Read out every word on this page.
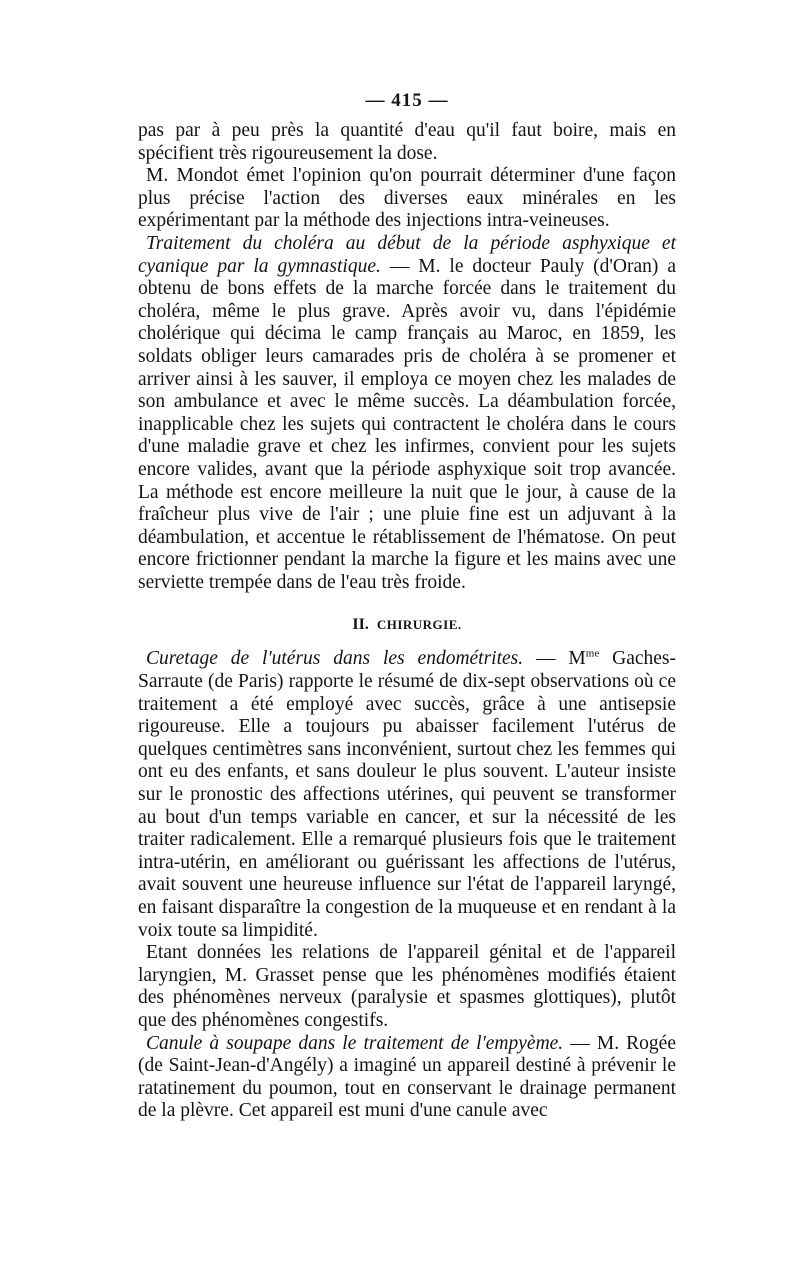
— 415 —

pas par à peu près la quantité d'eau qu'il faut boire, mais en spécifient très rigoureusement la dose.

M. Mondot émet l'opinion qu'on pourrait déterminer d'une façon plus précise l'action des diverses eaux minérales en les expérimentant par la méthode des injections intra-veineuses.

Traitement du choléra au début de la période asphyxique et cyanique par la gymnastique. — M. le docteur Pauly (d'Oran) a obtenu de bons effets de la marche forcée dans le traitement du choléra, même le plus grave. Après avoir vu, dans l'épidémie cholérique qui décima le camp français au Maroc, en 1859, les soldats obliger leurs camarades pris de choléra à se promener et arriver ainsi à les sauver, il employa ce moyen chez les malades de son ambulance et avec le même succès. La déambulation forcée, inapplicable chez les sujets qui contractent le choléra dans le cours d'une maladie grave et chez les infirmes, convient pour les sujets encore valides, avant que la période asphyxique soit trop avancée. La méthode est encore meilleure la nuit que le jour, à cause de la fraîcheur plus vive de l'air ; une pluie fine est un adjuvant à la déambulation, et accentue le rétablissement de l'hématose. On peut encore frictionner pendant la marche la figure et les mains avec une serviette trempée dans de l'eau très froide.

II. CHIRURGIE.

Curetage de l'utérus dans les endométrites. — $M^{me}$ Gaches-Sarraute (de Paris) rapporte le résumé de dix-sept observations où ce traitement a été employé avec succès, grâce à une antisepsie rigoureuse. Elle a toujours pu abaisser facilement l'utérus de quelques centimètres sans inconvénient, surtout chez les femmes qui ont eu des enfants, et sans douleur le plus souvent. L'auteur insiste sur le pronostic des affections utérines, qui peuvent se transformer au bout d'un temps variable en cancer, et sur la nécessité de les traiter radicalement. Elle a remarqué plusieurs fois que le traitement intra-utérin, en améliorant ou guérissant les affections de l'utérus, avait souvent une heureuse influence sur l'état de l'appareil laryngé, en faisant disparaître la congestion de la muqueuse et en rendant à la voix toute sa limpidité.

Etant données les relations de l'appareil génital et de l'appareil laryngien, M. Grasset pense que les phénomènes modifiés étaient des phénomènes nerveux (paralysie et spasmes glottiques), plutôt que des phénomènes congestifs.

Canule à soupape dans le traitement de l'empyème. — M. Rogée (de Saint-Jean-d'Angély) a imaginé un appareil destiné à prévenir le ratatinement du poumon, tout en conservant le drainage permanent de la plèvre. Cet appareil est muni d'une canule avec
